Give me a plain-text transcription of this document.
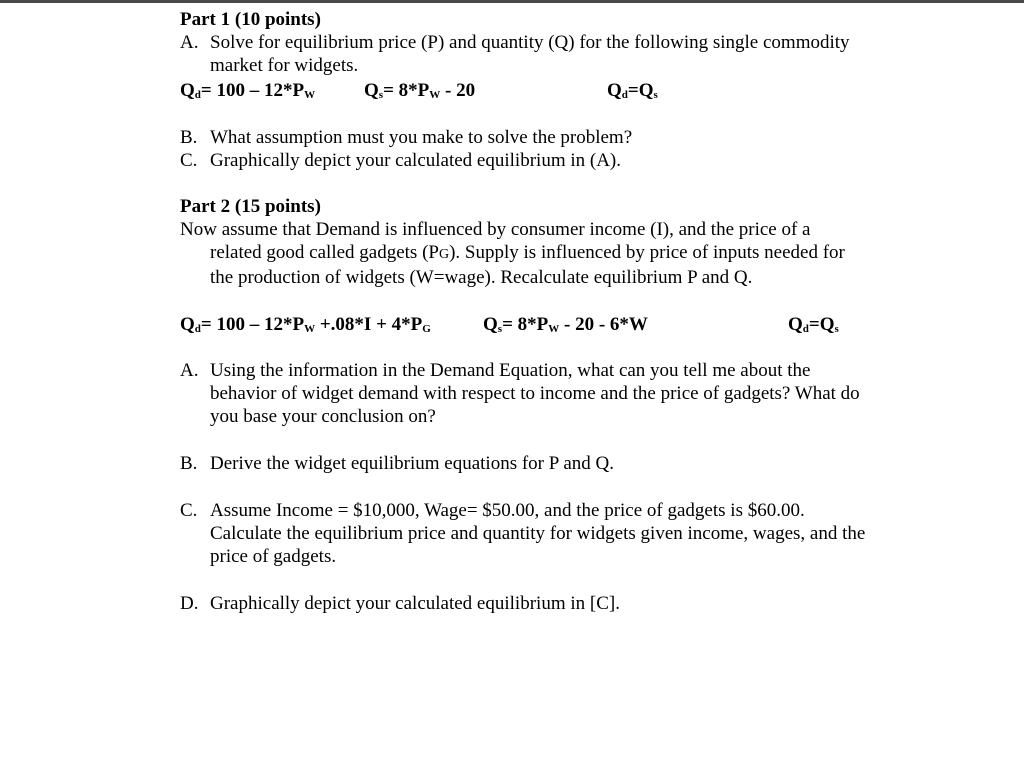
Part 1 (10 points)
A. Solve for equilibrium price (P) and quantity (Q) for the following single commodity
market for widgets.
$Q_d= 100 - 12*P_W$	$Q_s= 8*P_W - 20$	$Q_d=Q_s$
B. What assumption must you make to solve the problem?
C. Graphically depict your calculated equilibrium in (A).
Part 2 (15 points)
Now assume that Demand is influenced by consumer income (I), and the price of a
related good called gadgets (PG). Supply is influenced by price of inputs needed for
the production of widgets (W=wage). Recalculate equilibrium P and Q.
$Q_d= 100 - 12*P_W +.08*I + 4*P_G$	$Q_s= 8*P_W - 20 - 6*W$	$Q_d=Q_s$
A. Using the information in the Demand Equation, what can you tell me about the
behavior of widget demand with respect to income and the price of gadgets? What do
you base your conclusion on?
B. Derive the widget equilibrium equations for P and Q.
C. Assume Income = $10,000, Wage= $50.00, and the price of gadgets is $60.00.
Calculate the equilibrium price and quantity for widgets given income, wages, and the
price of gadgets.
D. Graphically depict your calculated equilibrium in [C].
